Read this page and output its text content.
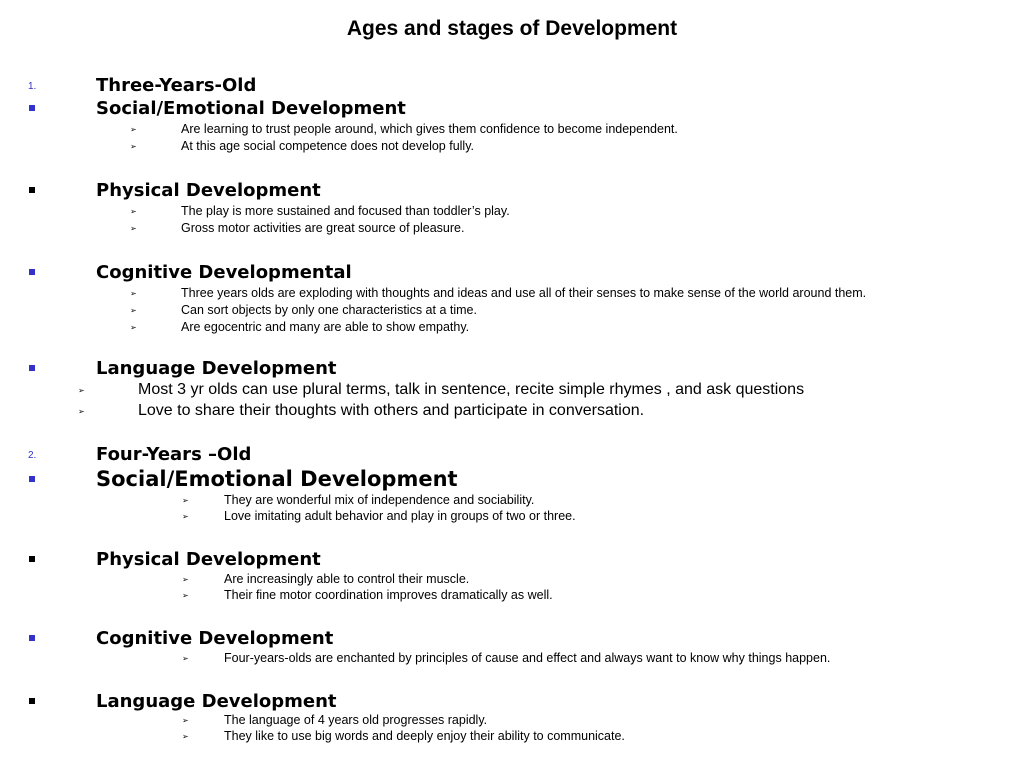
Ages and stages of Development
1.	Three-Years-Old
Social/Emotional Development
➢	Are learning to trust people around, which gives them confidence to become independent.
➢	At this age social competence does not develop fully.
Physical Development
➢	The play is more sustained and focused than toddler’s play.
➢	Gross motor activities are great source of pleasure.
Cognitive Developmental
➢	Three years olds are exploding with thoughts and ideas and use all of their senses to make sense of the world around them.
➢	Can sort objects by only one characteristics at a time.
➢	Are egocentric and many are able to show empathy.
Language Development
➢	Most 3 yr olds can use plural terms, talk in sentence, recite simple rhymes , and ask questions
➢	Love to share their thoughts with others and participate in conversation.
2.	Four-Years –Old
Social/Emotional Development
➢	They are wonderful mix of independence and sociability.
➢	Love imitating adult behavior and play in groups of two or three.
Physical Development
➢	Are increasingly able to control their muscle.
➢	Their fine motor coordination improves dramatically as well.
Cognitive Development
➢	Four-years-olds are enchanted by principles of cause and effect and always want to know why things happen.
Language Development
➢	The language of 4 years old progresses rapidly.
➢	They like to use big words and deeply enjoy their ability to communicate.
